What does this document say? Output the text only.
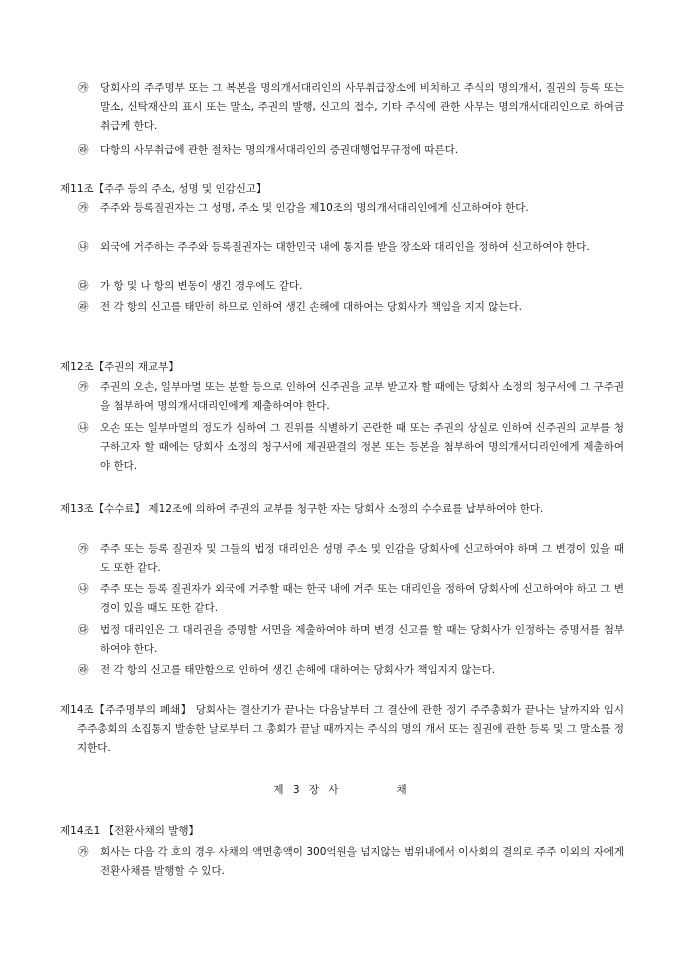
㉮ 당회사의 주주명부 또는 그 복본을 명의개서대리인의 사무취급장소에 비치하고 주식의 명의개서, 질권의 등록 또는 말소, 신탁재산의 표시 또는 말소, 주권의 발행, 신고의 접수, 기타 주식에 관한 사무는 명의개서대리인으로 하여금 취급케 한다.
㉱ 다항의 사무취급에 관한 절차는 명의개서대리인의 증권대행업무규정에 따른다.
제11조【주주 등의 주소, 성명 및 인감신고】
㉮ 주주와 등록질권자는 그 성명, 주소 및 인감을 제10조의 명의개서대리인에게 신고하여야 한다.
㉯ 외국에 거주하는 주주와 등록질권자는 대한민국 내에 통지를 받을 장소와 대리인을 정하여 신고하여야 한다.
㉰ 가 항 및 나 항의 변동이 생긴 경우에도 같다.
㉱ 전 각 항의 신고를 태만히 하므로 인하여 생긴 손해에 대하여는 당회사가 책임을 지지 않는다.
제12조【주권의 재교부】
㉮ 주권의 오손, 일부마멸 또는 분할 등으로 인하여 신주권을 교부 받고자 할 때에는 당회사 소정의 청구서에 그 구주권을 첨부하여 명의개서대리인에게 제출하여야 한다.
㉯ 오손 또는 일부마멸의 정도가 심하여 그 진위를 식별하기 곤란한 때 또는 주권의 상실로 인하여 신주권의 교부를 청구하고자 할 때에는 당회사 소정의 청구서에 제권판결의 정본 또는 등본을 첨부하여 명의개서디리인에게 제출하여야 한다.
제13조【수수료】 제12조에 의하여 주권의 교부를 청구한 자는 당회사 소정의 수수료를 납부하여야 한다.
㉮ 주주 또는 등록 질권자 및 그들의 법정 대리인은 성명 주소 및 인감을 당회사에 신고하여야 하며 그 변경이 있을 때도 또한 같다.
㉯ 주주 또는 등록 질권자가 외국에 거주할 때는 한국 내에 거주 또는 대리인을 정하여 당회사에 신고하여야 하고 그 변경이 있을 때도 또한 같다.
㉰ 법정 대리인은 그 대리권을 증명할 서면을 제출하여야 하며 변경 신고를 할 때는 당회사가 인정하는 증명서를 첨부하여야 한다.
㉱ 전 각 항의 신고를 태만함으로 인하여 생긴 손해에 대하여는 당회사가 책임지지 않는다.
제14조【주주명부의 폐쇄】 당회사는 결산기가 끝나는 다음날부터 그 결산에 관한 정기 주주총회가 끝나는 날까지와 임시주주총회의 소집통지 발송한 날로부터 그 총회가 끝날 때까지는 주식의 명의 개서 또는 질권에 관한 등록 및 그 말소를 정지한다.
제 3 장 사	채
제14조1 【전환사채의 발행】
㉮ 회사는 다음 각 호의 경우 사채의 액면총액이 300억원을 넘지않는 범위내에서 이사회의 결의로 주주 이외의 자에게 전환사채를 발행할 수 있다.
